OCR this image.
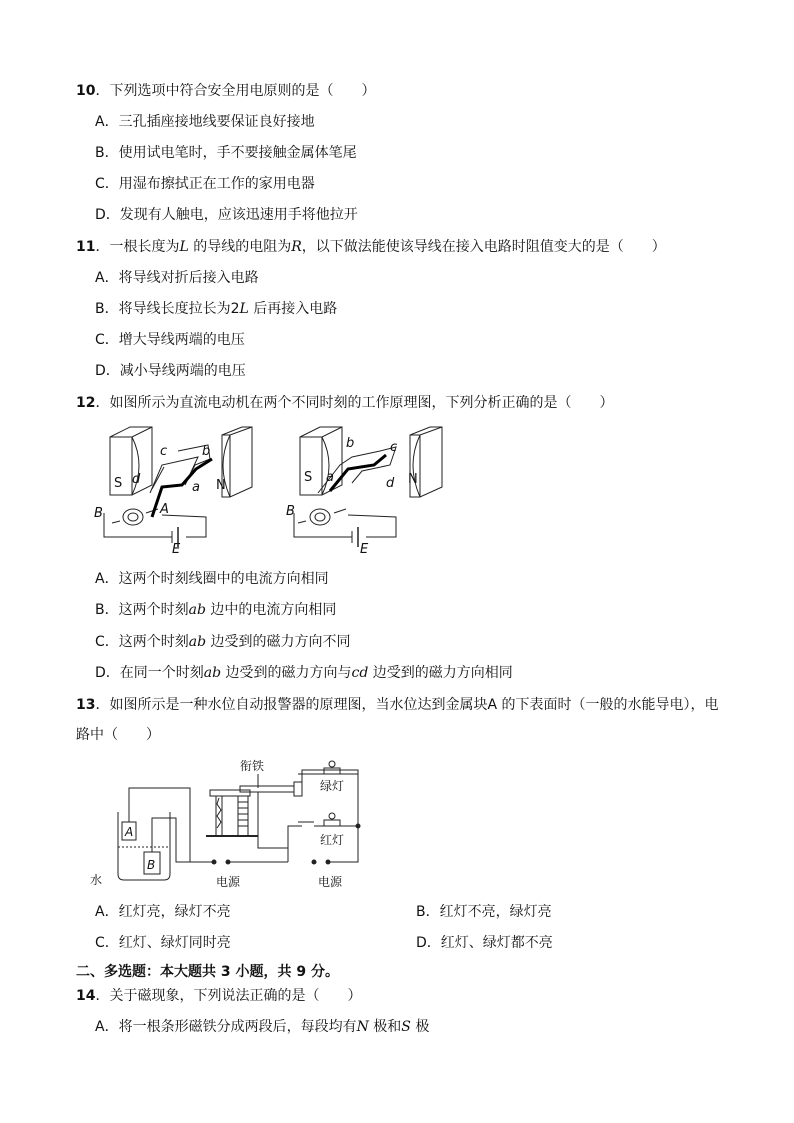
10．下列选项中符合安全用电原则的是（　　）
A．三孔插座接地线要保证良好接地
B．使用试电笔时，手不要接触金属体笔尾
C．用湿布擦拭正在工作的家用电器
D．发现有人触电，应该迅速用手将他拉开
11．一根长度为L 的导线的电阻为R，以下做法能使该导线在接入电路时阻值变大的是（　　）
A．将导线对折后接入电路
B．将导线长度拉长为2L 后再接入电路
C．增大导线两端的电压
D．减小导线两端的电压
12．如图所示为直流电动机在两个不同时刻的工作原理图，下列分析正确的是（　　）
S	N
c	b
d
a
A
B
E
S	N
b	c
a	d
B
E
A．这两个时刻线圈中的电流方向相同
B．这两个时刻ab 边中的电流方向相同
C．这两个时刻ab 边受到的磁力方向不同
D．在同一个时刻ab 边受到的磁力方向与cd 边受到的磁力方向相同
13．如图所示是一种水位自动报警器的原理图，当水位达到金属块A 的下表面时（一般的水能导电），电
路中（　　）
衔铁
绿灯
红灯
水	电源	电源
A
B
A．红灯亮，绿灯不亮	B．红灯不亮，绿灯亮
C．红灯、绿灯同时亮	D．红灯、绿灯都不亮
二、多选题：本大题共 3 小题，共 9 分。
14．关于磁现象，下列说法正确的是（　　）
A．将一根条形磁铁分成两段后，每段均有N 极和S 极
